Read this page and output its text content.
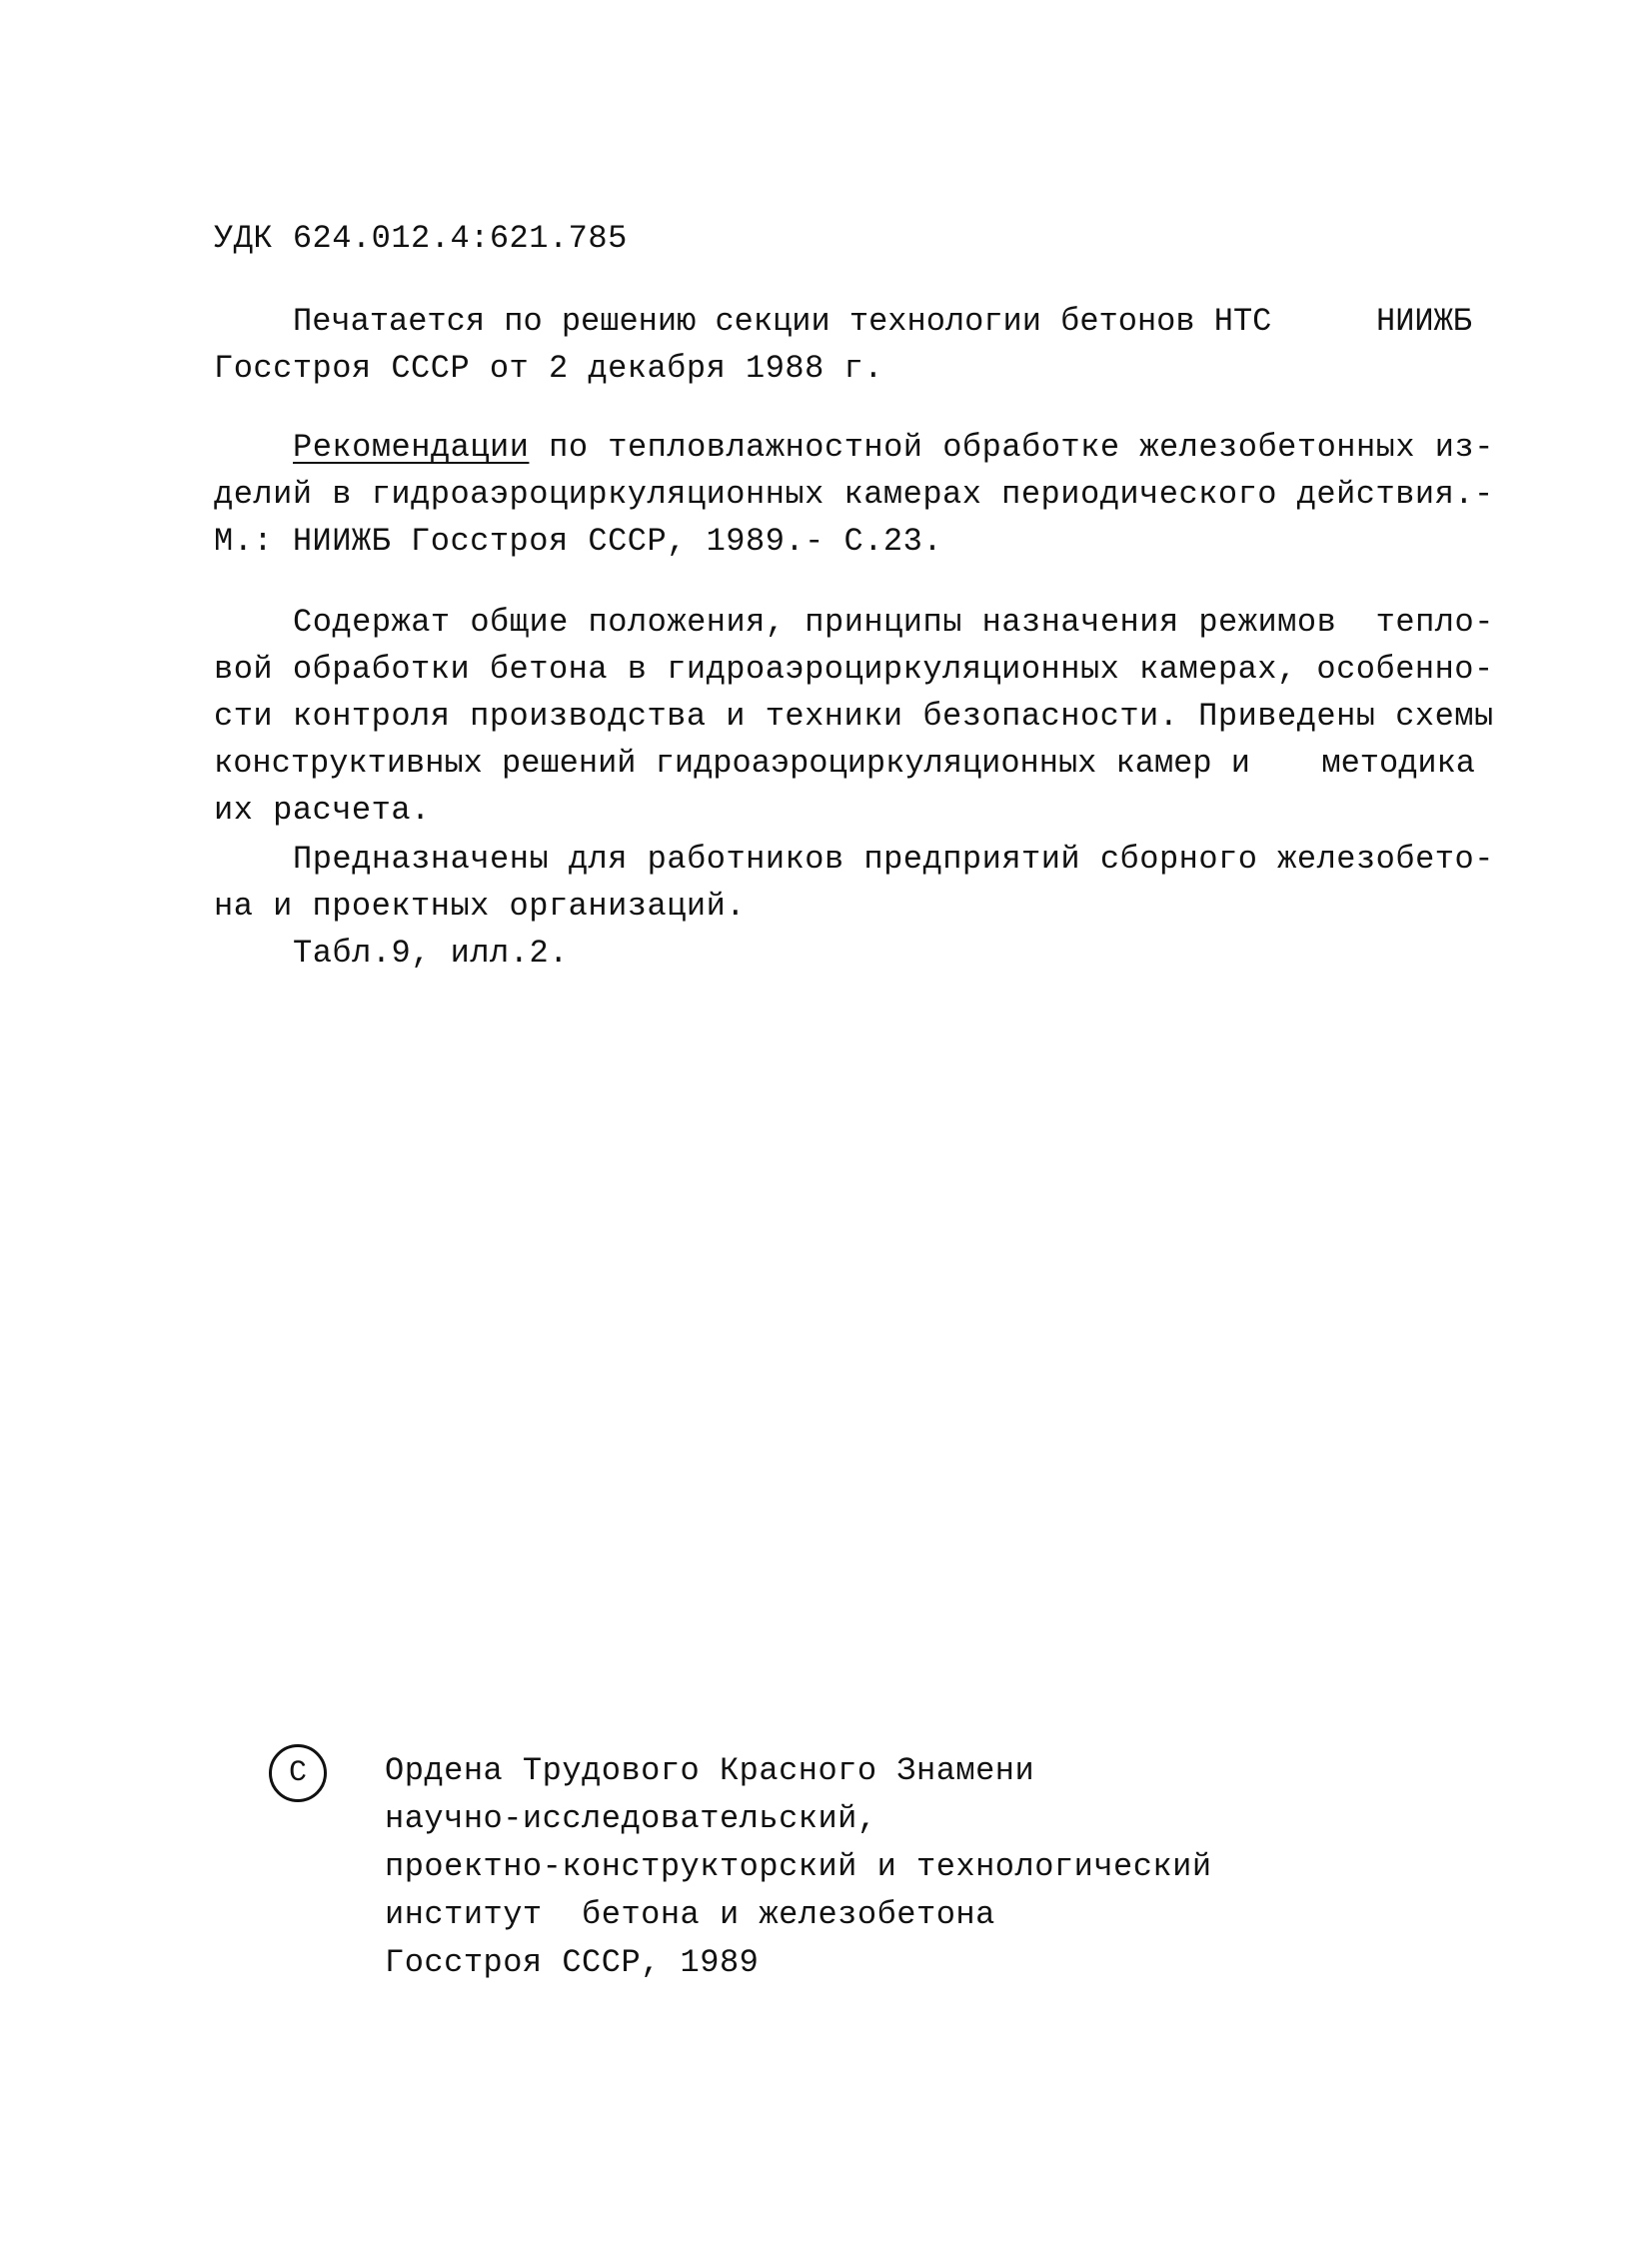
УДК 624.012.4:621.785
Печатается по решению секции технологии бетонов НТС	НИИЖБ
Госстроя СССР от 2 декабря 1988 г.
Рекомендации по тепловлажностной обработке железобетонных из-
делий в гидроаэроциркуляционных камерах периодического действия.-
М.: НИИЖБ Госстроя СССР, 1989.- С.23.
Содержат общие положения, принципы назначения режимов  тепло-
вой обработки бетона в гидроаэроциркуляционных камерах, особенно-
сти контроля производства и техники безопасности. Приведены схемы
конструктивных решений гидроаэроциркуляционных камер и методика
их расчета.
Предназначены для работников предприятий сборного железобето-
на и проектных организаций.
Табл.9, илл.2.
C Ордена Трудового Красного Знамени
научно-исследовательский,
проектно-конструкторский и технологический
институт  бетона и железобетона
Госстроя СССР, 1989
